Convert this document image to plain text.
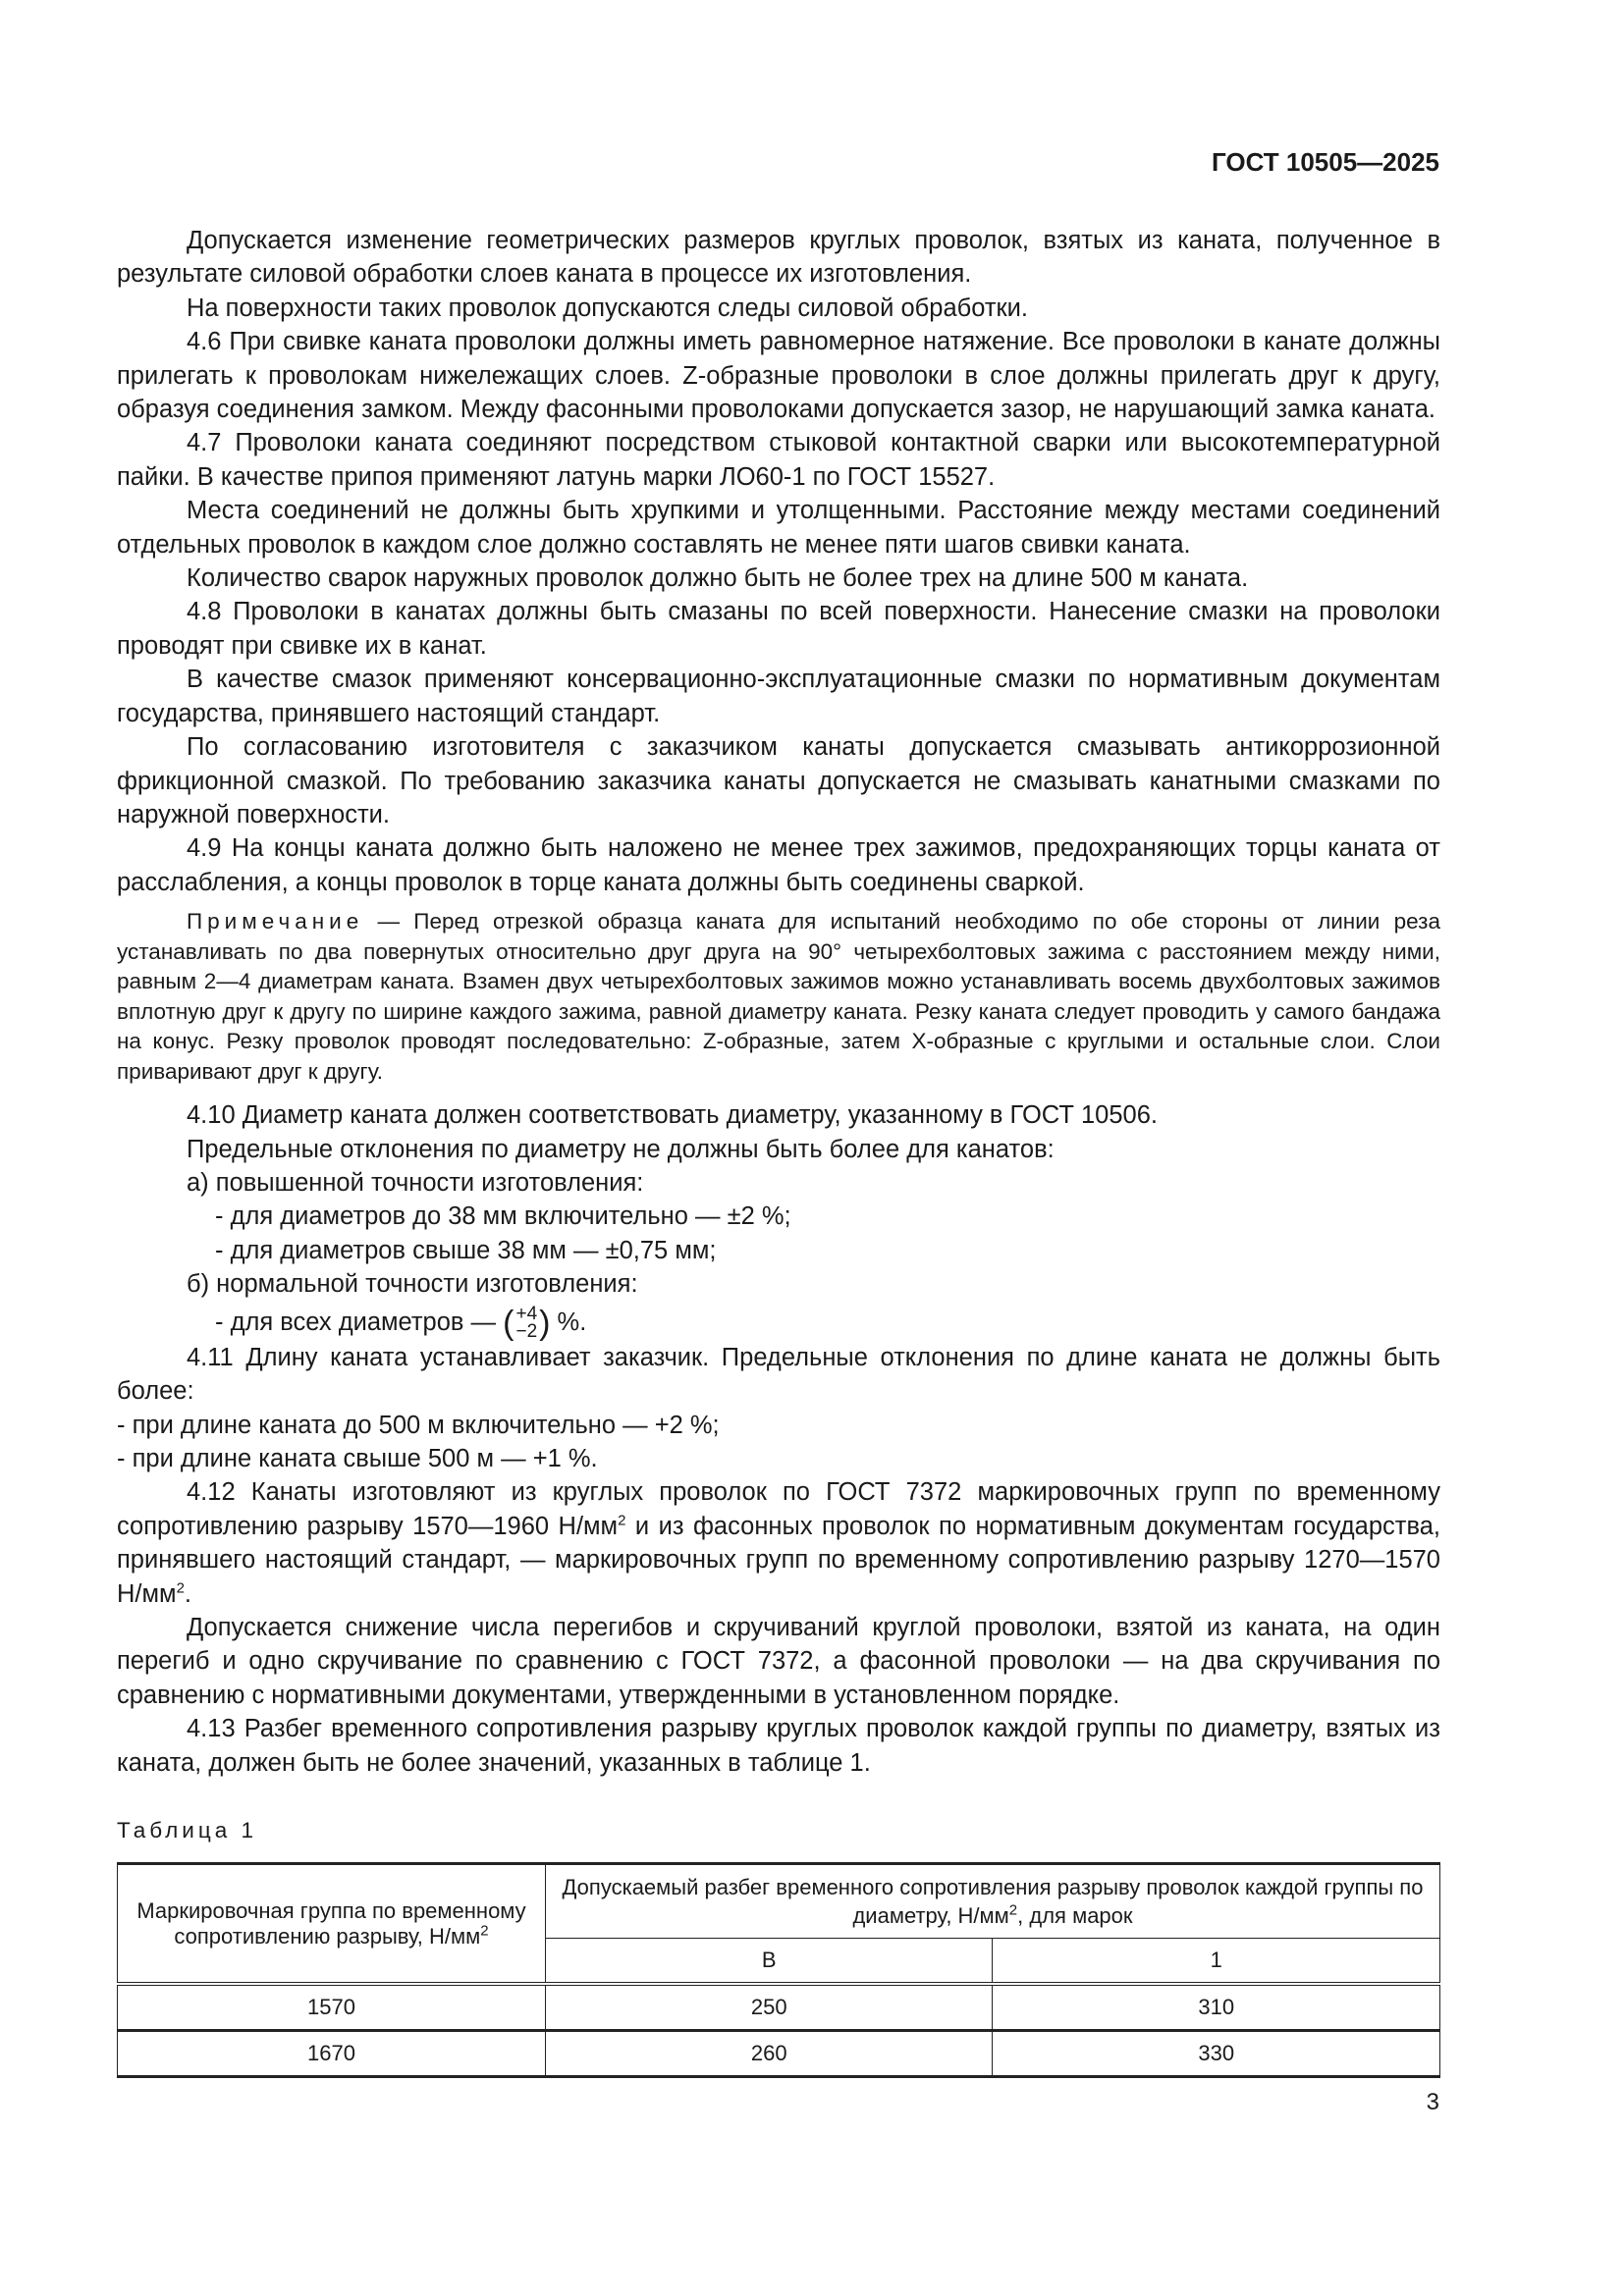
ГОСТ 10505—2025

Допускается изменение геометрических размеров круглых проволок, взятых из каната, полученное в результате силовой обработки слоев каната в процессе их изготовления.

На поверхности таких проволок допускаются следы силовой обработки.

4.6 При свивке каната проволоки должны иметь равномерное натяжение. Все проволоки в канате должны прилегать к проволокам нижележащих слоев. Z-образные проволоки в слое должны прилегать друг к другу, образуя соединения замком. Между фасонными проволоками допускается зазор, не нарушающий замка каната.

4.7 Проволоки каната соединяют посредством стыковой контактной сварки или высокотемпературной пайки. В качестве припоя применяют латунь марки ЛО60-1 по ГОСТ 15527.

Места соединений не должны быть хрупкими и утолщенными. Расстояние между местами соединений отдельных проволок в каждом слое должно составлять не менее пяти шагов свивки каната.

Количество сварок наружных проволок должно быть не более трех на длине 500 м каната.

4.8 Проволоки в канатах должны быть смазаны по всей поверхности. Нанесение смазки на проволоки проводят при свивке их в канат.

В качестве смазок применяют консервационно-эксплуатационные смазки по нормативным документам государства, принявшего настоящий стандарт.

По согласованию изготовителя с заказчиком канаты допускается смазывать антикоррозионной фрикционной смазкой. По требованию заказчика канаты допускается не смазывать канатными смазками по наружной поверхности.

4.9 На концы каната должно быть наложено не менее трех зажимов, предохраняющих торцы каната от расслабления, а концы проволок в торце каната должны быть соединены сваркой.

Примечание — Перед отрезкой образца каната для испытаний необходимо по обе стороны от линии реза устанавливать по два повернутых относительно друг друга на 90° четырехболтовых зажима с расстоянием между ними, равным 2—4 диаметрам каната. Взамен двух четырехболтовых зажимов можно устанавливать восемь двухболтовых зажимов вплотную друг к другу по ширине каждого зажима, равной диаметру каната. Резку каната следует проводить у самого бандажа на конус. Резку проволок проводят последовательно: Z-образные, затем X-образные с круглыми и остальные слои. Слои приваривают друг к другу.

4.10 Диаметр каната должен соответствовать диаметру, указанному в ГОСТ 10506.

Предельные отклонения по диаметру не должны быть более для канатов:

а) повышенной точности изготовления:

- для диаметров до 38 мм включительно — ±2 %;

- для диаметров свыше 38 мм — ±0,75 мм;

б) нормальной точности изготовления:

- для всех диаметров — ( +4
−2) %.

4.11 Длину каната устанавливает заказчик. Предельные отклонения по длине каната не должны быть более:

- при длине каната до 500 м включительно — +2 %;

- при длине каната свыше 500 м — +1 %.

4.12 Канаты изготовляют из круглых проволок по ГОСТ 7372 маркировочных групп по временному сопротивлению разрыву 1570—1960 $Н/мм^2$ и из фасонных проволок по нормативным документам государства, принявшего настоящий стандарт, — маркировочных групп по временному сопротивлению разрыву 1270—1570 $Н/мм^2$.

Допускается снижение числа перегибов и скручиваний круглой проволоки, взятой из каната, на один перегиб и одно скручивание по сравнению с ГОСТ 7372, а фасонной проволоки — на два скручивания по сравнению с нормативными документами, утвержденными в установленном порядке.

4.13 Разбег временного сопротивления разрыву круглых проволок каждой группы по диаметру, взятых из каната, должен быть не более значений, указанных в таблице 1.

Таблица 1
Маркировочная группа по временному сопротивлению разрыву, $Н/мм^2$	Допускаемый разбег временного сопротивления разрыву проволок каждой группы по диаметру, $Н/мм^2$, для марок	
	В	1
1570	250	310
1670	260	330
3
